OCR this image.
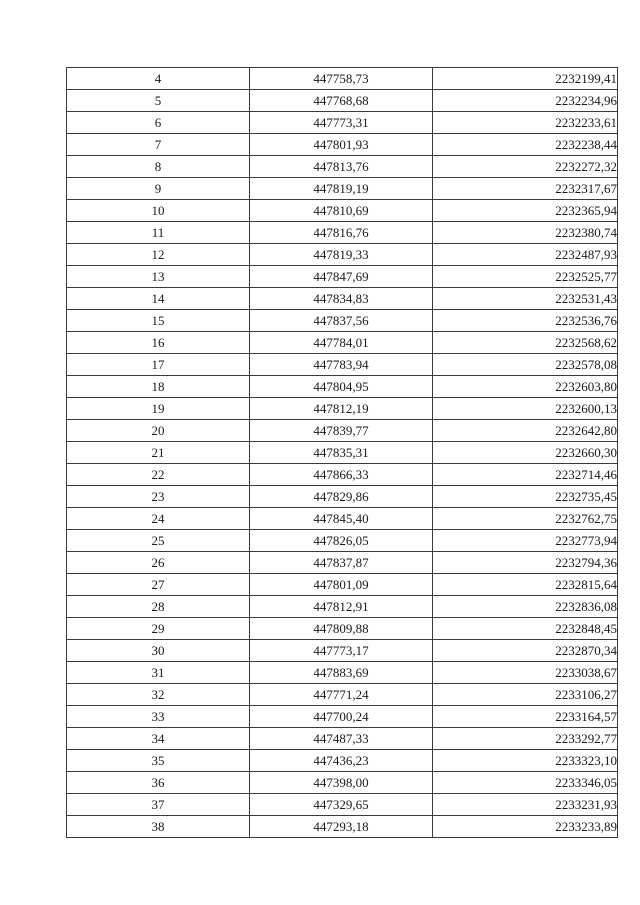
4	447758,73	2232199,41
5	447768,68	2232234,96
6	447773,31	2232233,61
7	447801,93	2232238,44
8	447813,76	2232272,32
9	447819,19	2232317,67
10	447810,69	2232365,94
11	447816,76	2232380,74
12	447819,33	2232487,93
13	447847,69	2232525,77
14	447834,83	2232531,43
15	447837,56	2232536,76
16	447784,01	2232568,62
17	447783,94	2232578,08
18	447804,95	2232603,80
19	447812,19	2232600,13
20	447839,77	2232642,80
21	447835,31	2232660,30
22	447866,33	2232714,46
23	447829,86	2232735,45
24	447845,40	2232762,75
25	447826,05	2232773,94
26	447837,87	2232794,36
27	447801,09	2232815,64
28	447812,91	2232836,08
29	447809,88	2232848,45
30	447773,17	2232870,34
31	447883,69	2233038,67
32	447771,24	2233106,27
33	447700,24	2233164,57
34	447487,33	2233292,77
35	447436,23	2233323,10
36	447398,00	2233346,05
37	447329,65	2233231,93
38	447293,18	2233233,89
